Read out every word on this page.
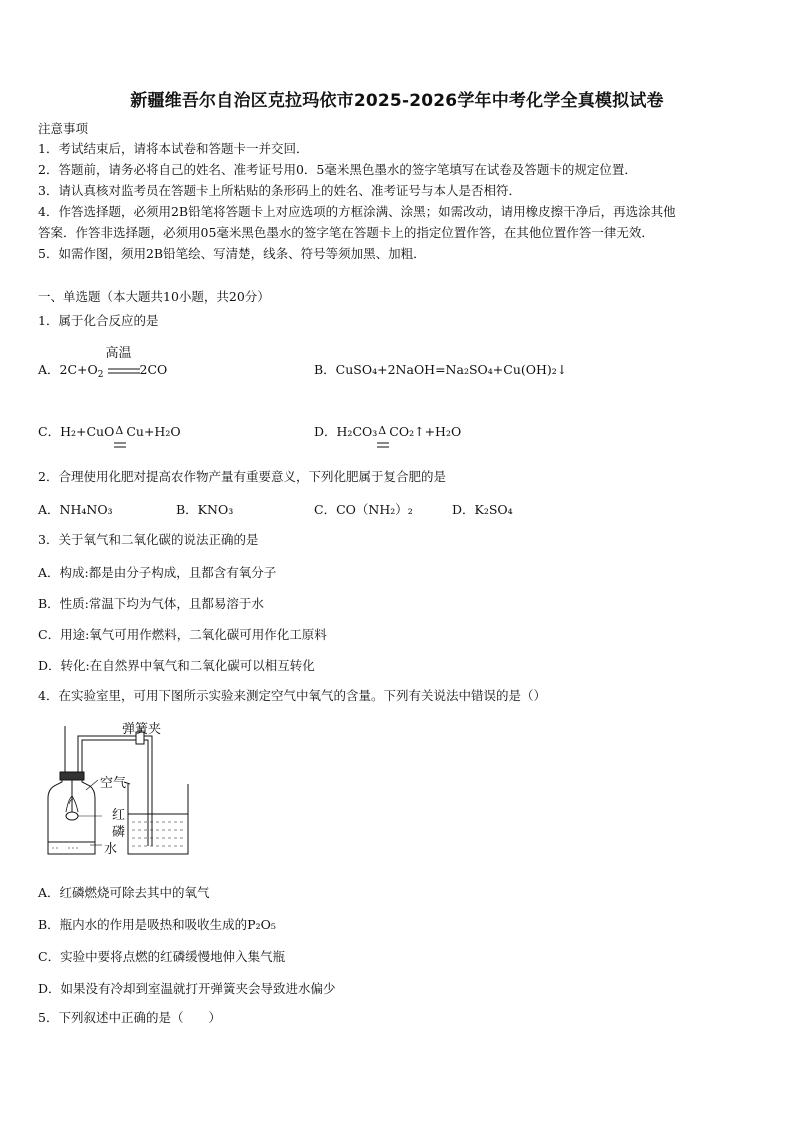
新疆维吾尔自治区克拉玛依市2025-2026学年中考化学全真模拟试卷
注意事项
1．考试结束后，请将本试卷和答题卡一并交回．
2．答题前，请务必将自己的姓名、准考证号用0．5毫米黑色墨水的签字笔填写在试卷及答题卡的规定位置．
3．请认真核对监考员在答题卡上所粘贴的条形码上的姓名、准考证号与本人是否相符．
4．作答选择题，必须用2B铅笔将答题卡上对应选项的方框涂满、涂黑；如需改动，请用橡皮擦干净后，再选涂其他
答案．作答非选择题，必须用05毫米黑色墨水的签字笔在答题卡上的指定位置作答，在其他位置作答一律无效．
5．如需作图，须用2B铅笔绘、写清楚，线条、符号等须加黑、加粗．
一、单选题（本大题共10小题，共20分）
1．属于化合反应的是
A．$2C+O_2$
高温
2CO	B．CuSO₄+2NaOH=Na₂SO₄+Cu(OH)₂↓
C．H₂+CuO Δ Cu+H₂O	D．H₂CO₃ Δ CO₂↑+H₂O
2．合理使用化肥对提高农作物产量有重要意义，下列化肥属于复合肥的是
A．NH₄NO₃	B．KNO₃	C．CO（NH₂）₂	D．K₂SO₄
3．关于氧气和二氧化碳的说法正确的是
A．构成:都是由分子构成，且都含有氧分子
B．性质:常温下均为气体，且都易溶于水
C．用途:氧气可用作燃料，二氧化碳可用作化工原料
D．转化:在自然界中氧气和二氧化碳可以相互转化
4．在实验室里，可用下图所示实验来测定空气中氧气的含量。下列有关说法中错误的是（）
弹簧夹
空气
红
磷
水
A．红磷燃烧可除去其中的氧气
B．瓶内水的作用是吸热和吸收生成的P₂O₅
C．实验中要将点燃的红磷缓慢地伸入集气瓶
D．如果没有冷却到室温就打开弹簧夹会导致进水偏少
5．下列叙述中正确的是（　　）
